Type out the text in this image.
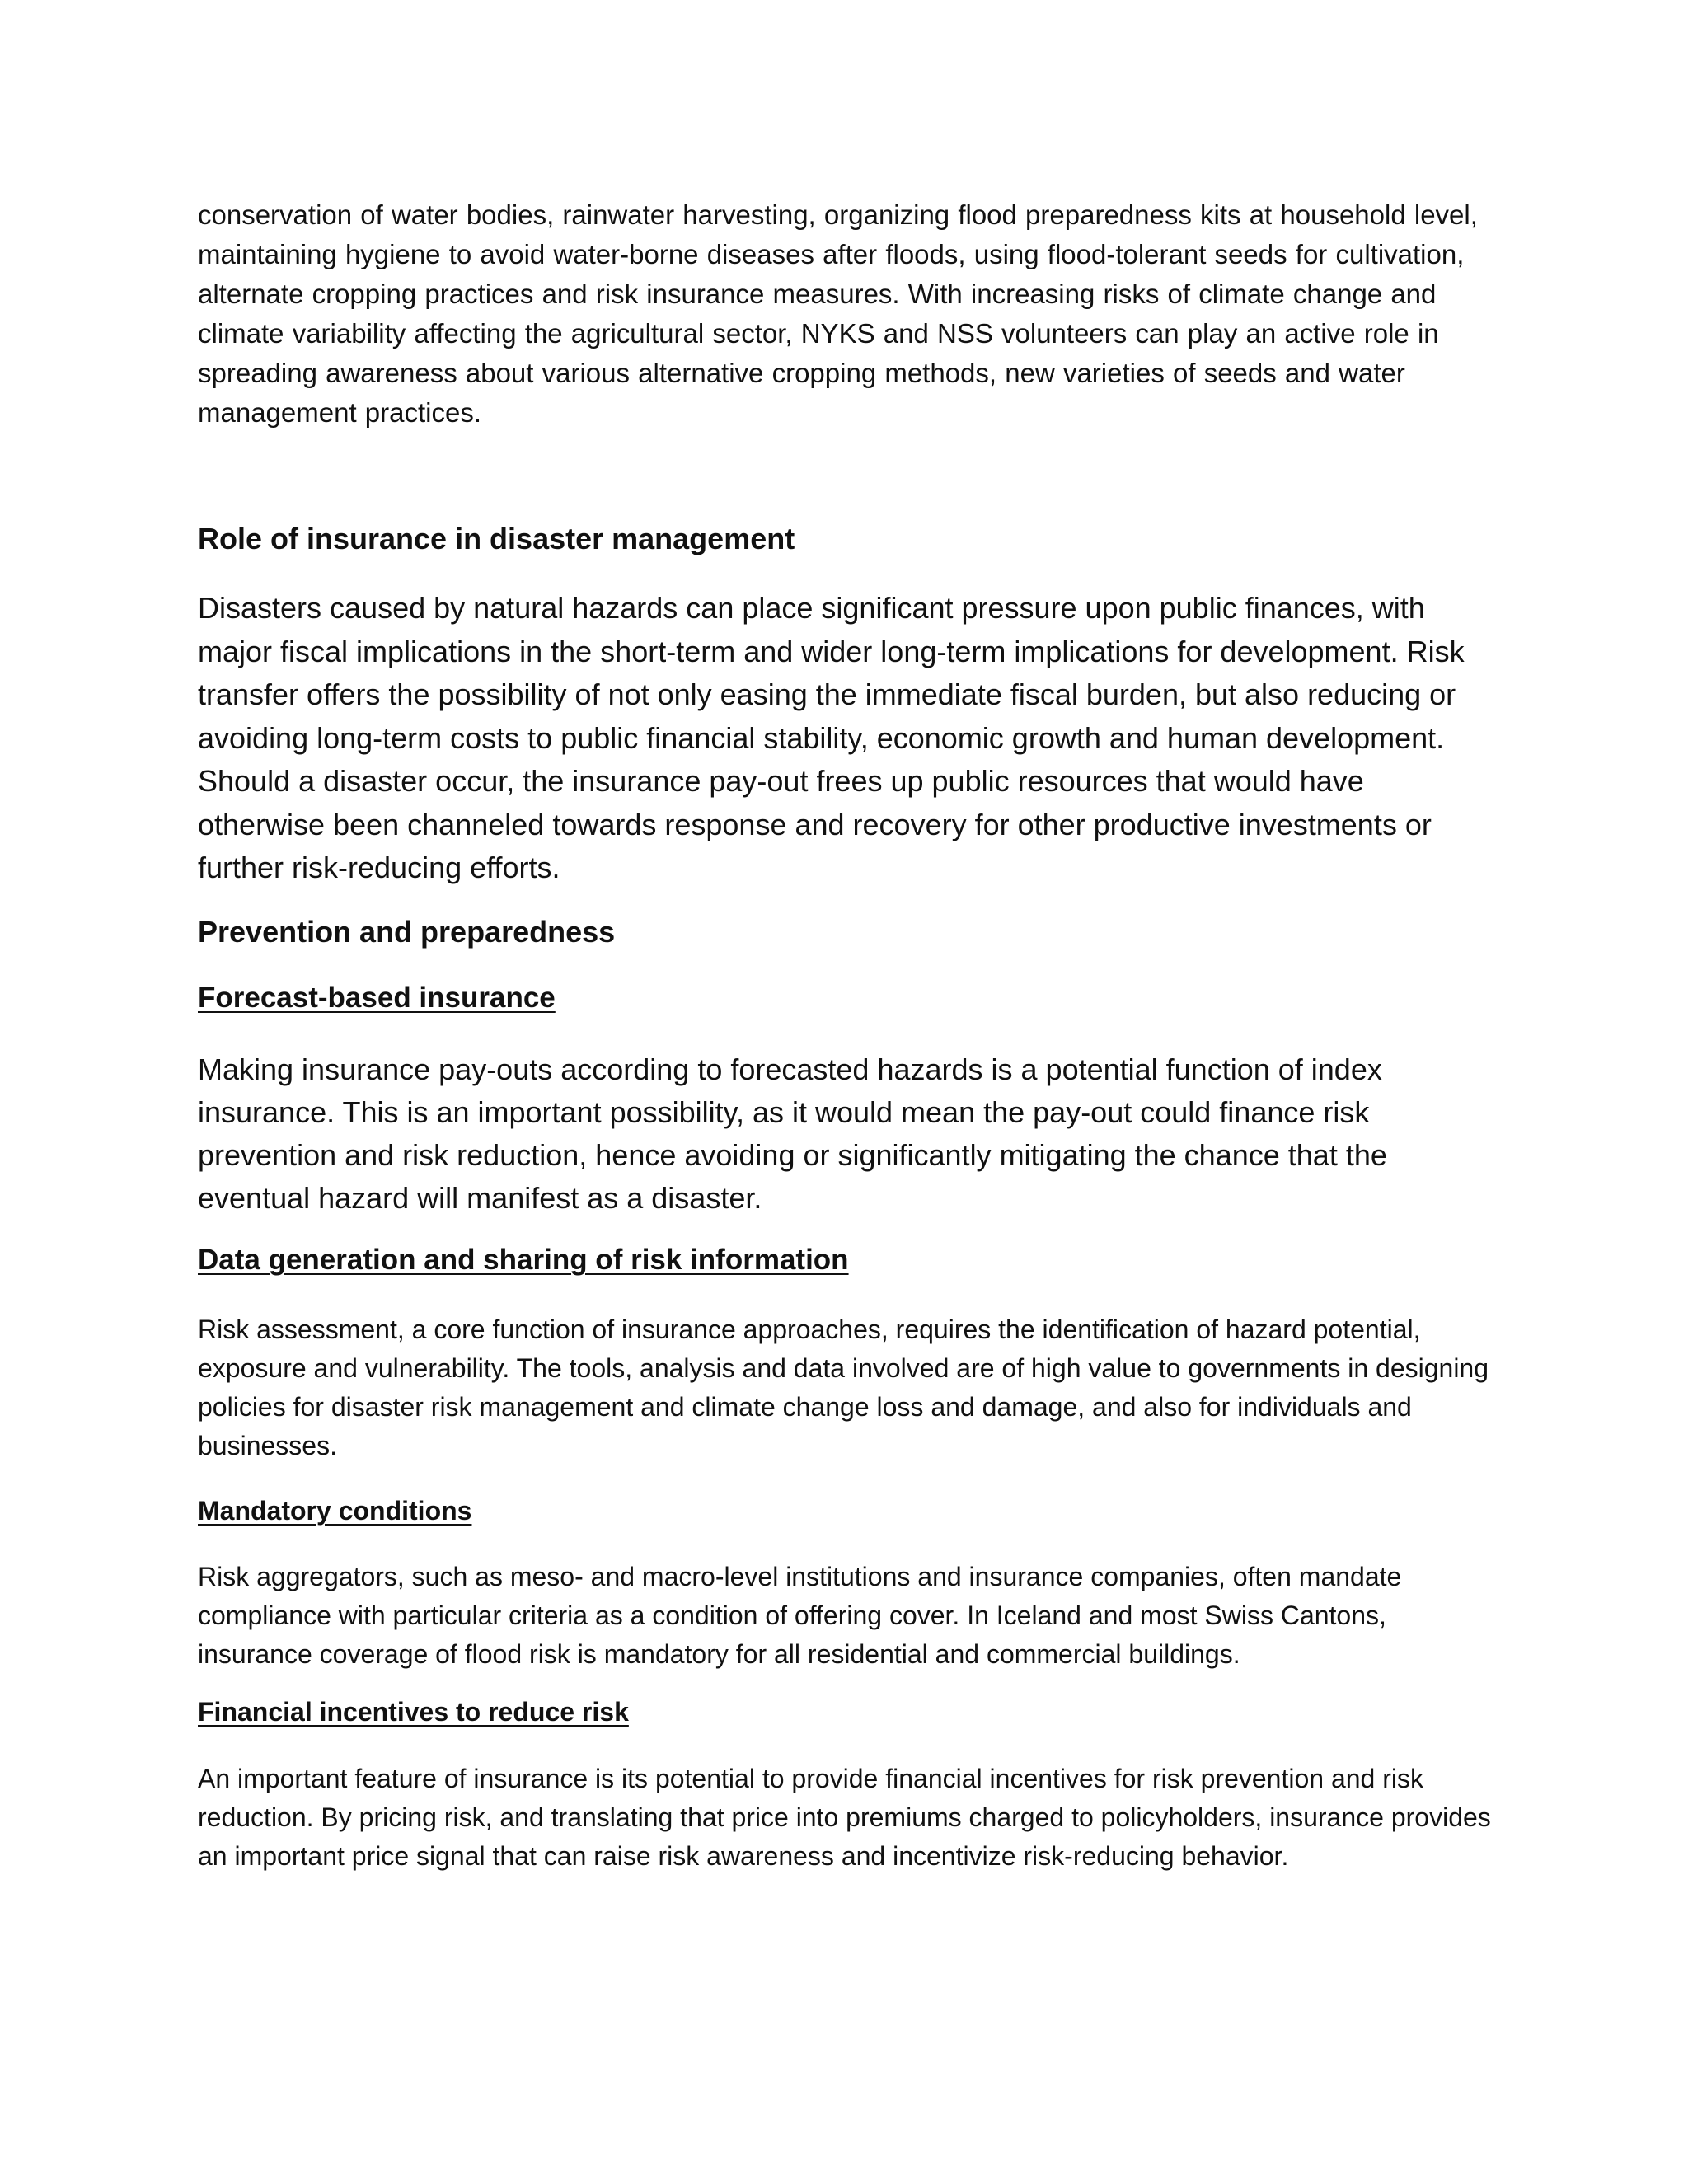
conservation of water bodies, rainwater harvesting, organizing flood preparedness kits at household level, maintaining hygiene to avoid water-borne diseases after floods, using flood-tolerant seeds for cultivation, alternate cropping practices and risk insurance measures. With increasing risks of climate change and climate variability affecting the agricultural sector, NYKS and NSS volunteers can play an active role in spreading awareness about various alternative cropping methods, new varieties of seeds and water management practices.

Role of insurance in disaster management

Disasters caused by natural hazards can place significant pressure upon public finances, with major fiscal implications in the short-term and wider long-term implications for development. Risk transfer offers the possibility of not only easing the immediate fiscal burden, but also reducing or avoiding long-term costs to public financial stability, economic growth and human development. Should a disaster occur, the insurance pay-out frees up public resources that would have otherwise been channeled towards response and recovery for other productive investments or further risk-reducing efforts.

Prevention and preparedness
Forecast-based insurance

Making insurance pay-outs according to forecasted hazards is a potential function of index insurance. This is an important possibility, as it would mean the pay-out could finance risk prevention and risk reduction, hence avoiding or significantly mitigating the chance that the eventual hazard will manifest as a disaster.

Data generation and sharing of risk information

Risk assessment, a core function of insurance approaches, requires the identification of hazard potential, exposure and vulnerability. The tools, analysis and data involved are of high value to governments in designing policies for disaster risk management and climate change loss and damage, and also for individuals and businesses.

Mandatory conditions

Risk aggregators, such as meso- and macro-level institutions and insurance companies, often mandate compliance with particular criteria as a condition of offering cover. In Iceland and most Swiss Cantons, insurance coverage of flood risk is mandatory for all residential and commercial buildings.

Financial incentives to reduce risk

An important feature of insurance is its potential to provide financial incentives for risk prevention and risk reduction. By pricing risk, and translating that price into premiums charged to policyholders, insurance provides an important price signal that can raise risk awareness and incentivize risk-reducing behavior.
